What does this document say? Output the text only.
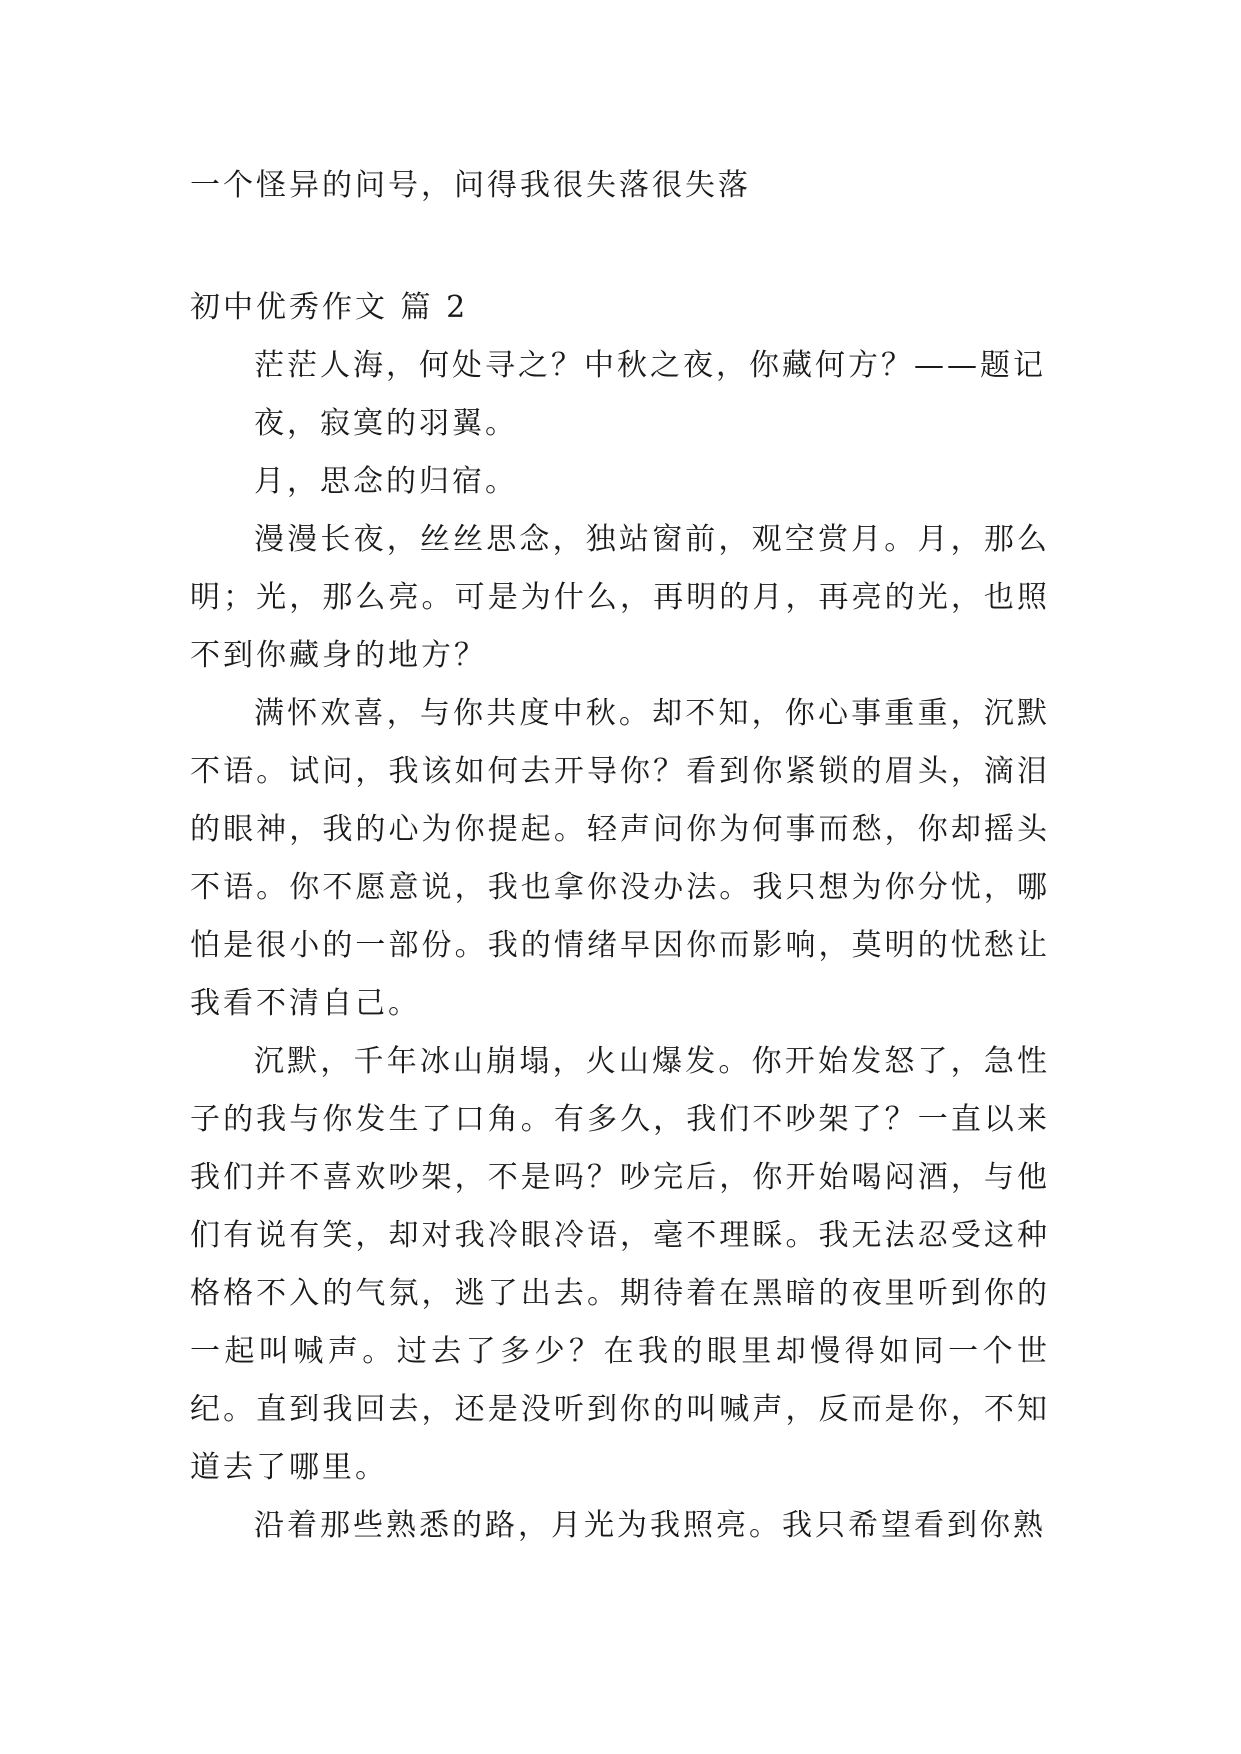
一个怪异的问号，问得我很失落很失落

初中优秀作文 篇 2

茫茫人海，何处寻之？中秋之夜，你藏何方？——题记

夜，寂寞的羽翼。

月，思念的归宿。

漫漫长夜，丝丝思念，独站窗前，观空赏月。月，那么明；光，那么亮。可是为什么，再明的月，再亮的光，也照不到你藏身的地方？

满怀欢喜，与你共度中秋。却不知，你心事重重，沉默不语。试问，我该如何去开导你？看到你紧锁的眉头，滴泪的眼神，我的心为你提起。轻声问你为何事而愁，你却摇头不语。你不愿意说，我也拿你没办法。我只想为你分忧，哪怕是很小的一部份。我的情绪早因你而影响，莫明的忧愁让我看不清自己。

沉默，千年冰山崩塌，火山爆发。你开始发怒了，急性子的我与你发生了口角。有多久，我们不吵架了？一直以来我们并不喜欢吵架，不是吗？吵完后，你开始喝闷酒，与他们有说有笑，却对我冷眼冷语，毫不理睬。我无法忍受这种格格不入的气氛，逃了出去。期待着在黑暗的夜里听到你的一起叫喊声。过去了多少？在我的眼里却慢得如同一个世纪。直到我回去，还是没听到你的叫喊声，反而是你，不知道去了哪里。

沿着那些熟悉的路，月光为我照亮。我只希望看到你熟
